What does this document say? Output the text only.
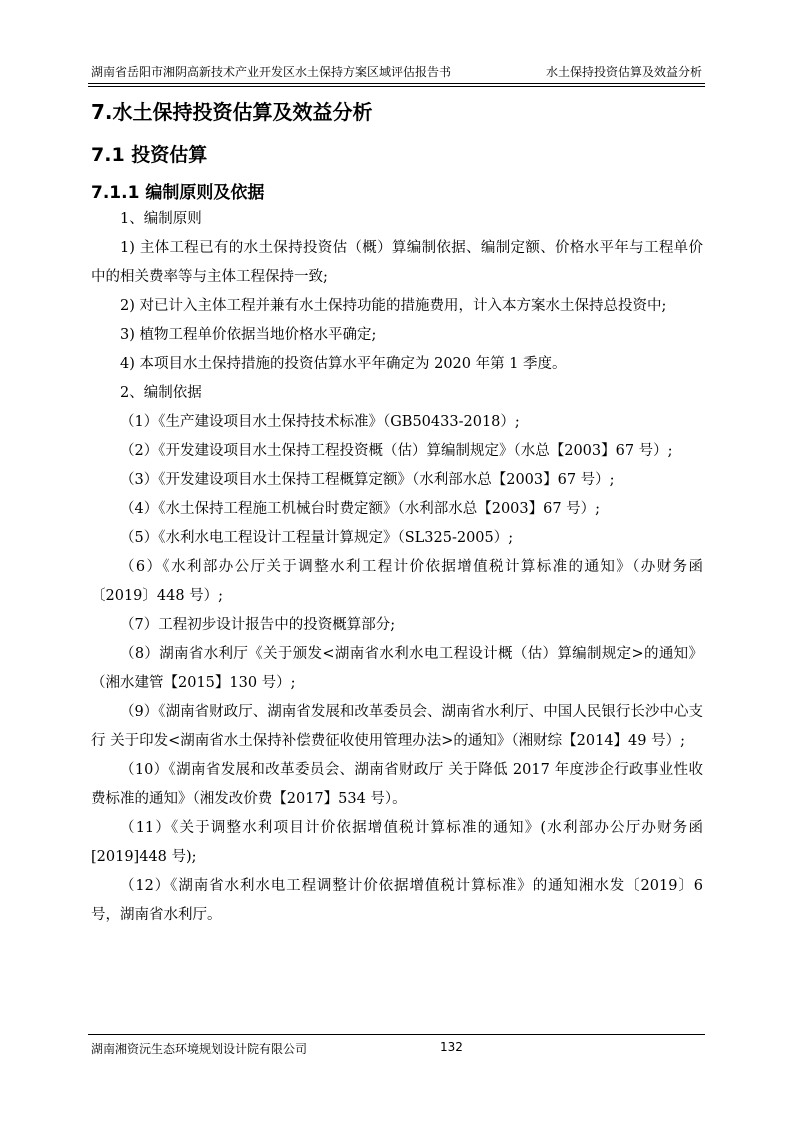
湖南省岳阳市湘阴高新技术产业开发区水土保持方案区域评估报告书	水土保持投资估算及效益分析
7.水土保持投资估算及效益分析
7.1 投资估算
7.1.1 编制原则及依据

1、编制原则

1) 主体工程已有的水土保持投资估（概）算编制依据、编制定额、价格水平年与工程单价中的相关费率等与主体工程保持一致;

2) 对已计入主体工程并兼有水土保持功能的措施费用，计入本方案水土保持总投资中;

3) 植物工程单价依据当地价格水平确定;

4) 本项目水土保持措施的投资估算水平年确定为 2020 年第 1 季度。

2、编制依据

（1）《生产建设项目水土保持技术标准》（GB50433-2018）;

（2）《开发建设项目水土保持工程投资概（估）算编制规定》（水总【2003】67 号）;

（3）《开发建设项目水土保持工程概算定额》（水利部水总【2003】67 号）;

（4）《水土保持工程施工机械台时费定额》（水利部水总【2003】67 号）;

（5）《水利水电工程设计工程量计算规定》（SL325-2005）;

（6）《水利部办公厅关于调整水利工程计价依据增值税计算标准的通知》（办财务函〔2019〕448 号）;

（7）工程初步设计报告中的投资概算部分;

（8）湖南省水利厅《关于颁发<湖南省水利水电工程设计概（估）算编制规定>的通知》（湘水建管【2015】130 号）;

（9）《湖南省财政厅、湖南省发展和改革委员会、湖南省水利厅、中国人民银行长沙中心支行 关于印发<湖南省水土保持补偿费征收使用管理办法>的通知》（湘财综【2014】49 号）;

（10）《湖南省发展和改革委员会、湖南省财政厅 关于降低 2017 年度涉企行政事业性收费标准的通知》（湘发改价费【2017】534 号）。

（11）《关于调整水利项目计价依据增值税计算标准的通知》(水利部办公厅办财务函[2019]448 号);

（12）《湖南省水利水电工程调整计价依据增值税计算标准》的通知湘水发〔2019〕6 号，湖南省水利厅。

湖南湘资沅生态环境规划设计院有限公司	132
